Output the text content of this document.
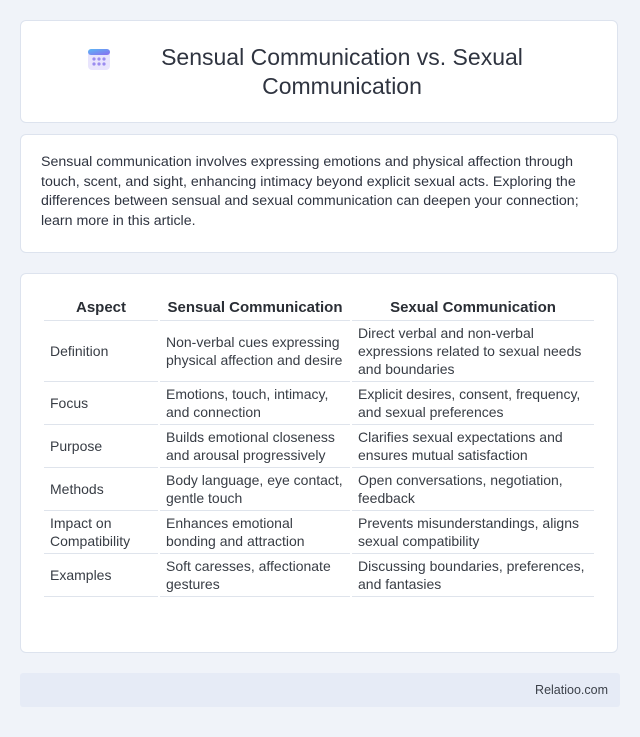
Sensual Communication vs. Sexual Communication

Sensual communication involves expressing emotions and physical affection through touch, scent, and sight, enhancing intimacy beyond explicit sexual acts. Exploring the differences between sensual and sexual communication can deepen your connection; learn more in this article.

Aspect	Sensual Communication	Sexual Communication
Definition	Non-verbal cues expressing physical affection and desire	Direct verbal and non-verbal expressions related to sexual needs and boundaries
Focus	Emotions, touch, intimacy, and connection	Explicit desires, consent, frequency, and sexual preferences
Purpose	Builds emotional closeness and arousal progressively	Clarifies sexual expectations and ensures mutual satisfaction
Methods	Body language, eye contact, gentle touch	Open conversations, negotiation, feedback
Impact on Compatibility	Enhances emotional bonding and attraction	Prevents misunderstandings, aligns sexual compatibility
Examples	Soft caresses, affectionate gestures	Discussing boundaries, preferences, and fantasies
Relatioo.com
